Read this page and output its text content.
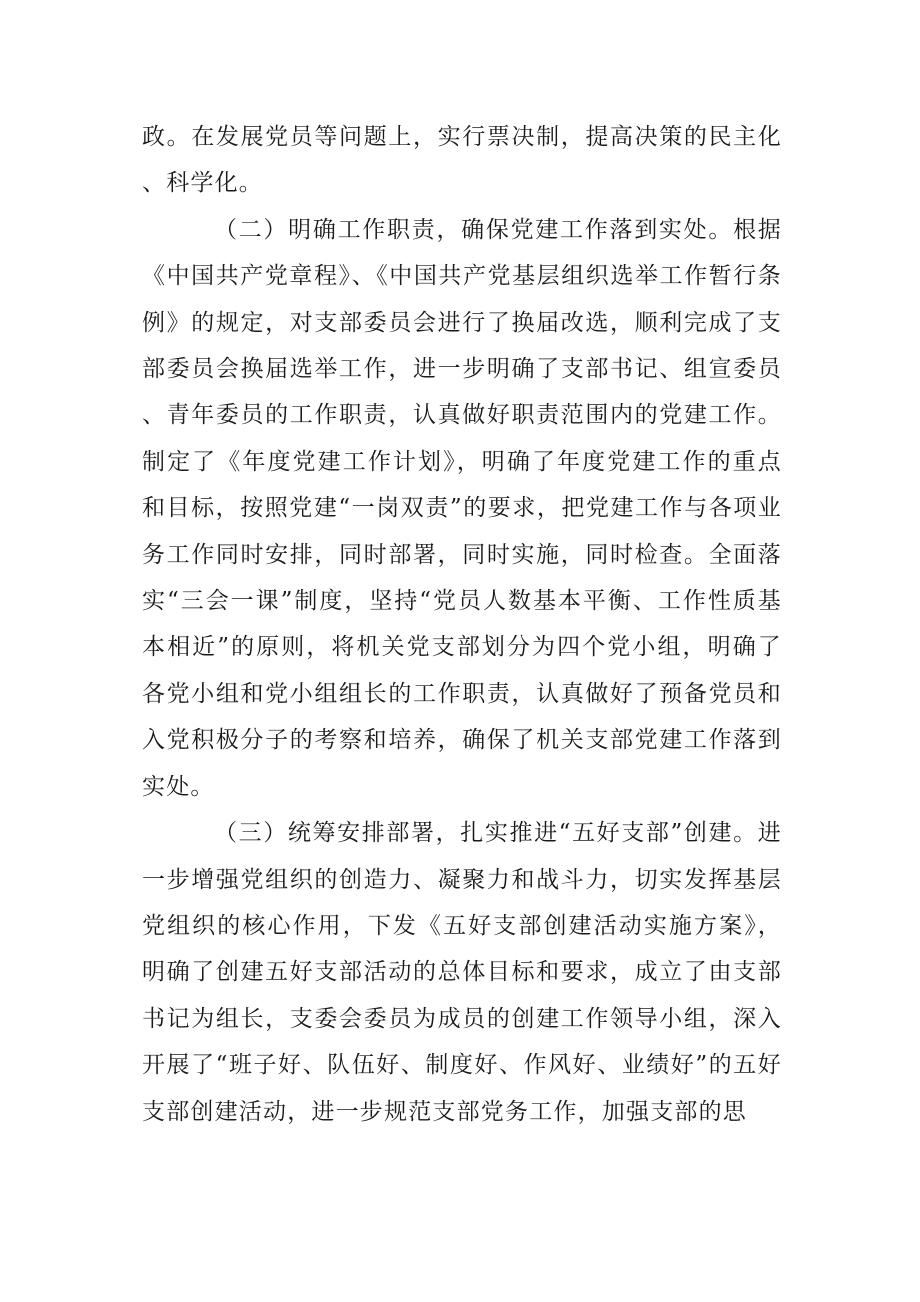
政。在发展党员等问题上，实行票决制，提高决策的民主化、科学化。

（二）明确工作职责，确保党建工作落到实处。根据《中国共产党章程》、《中国共产党基层组织选举工作暂行条例》的规定，对支部委员会进行了换届改选，顺利完成了支部委员会换届选举工作，进一步明确了支部书记、组宣委员、青年委员的工作职责，认真做好职责范围内的党建工作。制定了《年度党建工作计划》，明确了年度党建工作的重点和目标，按照党建“一岗双责”的要求，把党建工作与各项业务工作同时安排，同时部署，同时实施，同时检查。全面落实“三会一课”制度，坚持“党员人数基本平衡、工作性质基本相近”的原则，将机关党支部划分为四个党小组，明确了各党小组和党小组组长的工作职责，认真做好了预备党员和入党积极分子的考察和培养，确保了机关支部党建工作落到实处。

（三）统筹安排部署，扎实推进“五好支部”创建。进一步增强党组织的创造力、凝聚力和战斗力，切实发挥基层党组织的核心作用，下发《五好支部创建活动实施方案》，明确了创建五好支部活动的总体目标和要求，成立了由支部书记为组长，支委会委员为成员的创建工作领导小组，深入开展了“班子好、队伍好、制度好、作风好、业绩好”的五好支部创建活动，进一步规范支部党务工作，加强支部的思
